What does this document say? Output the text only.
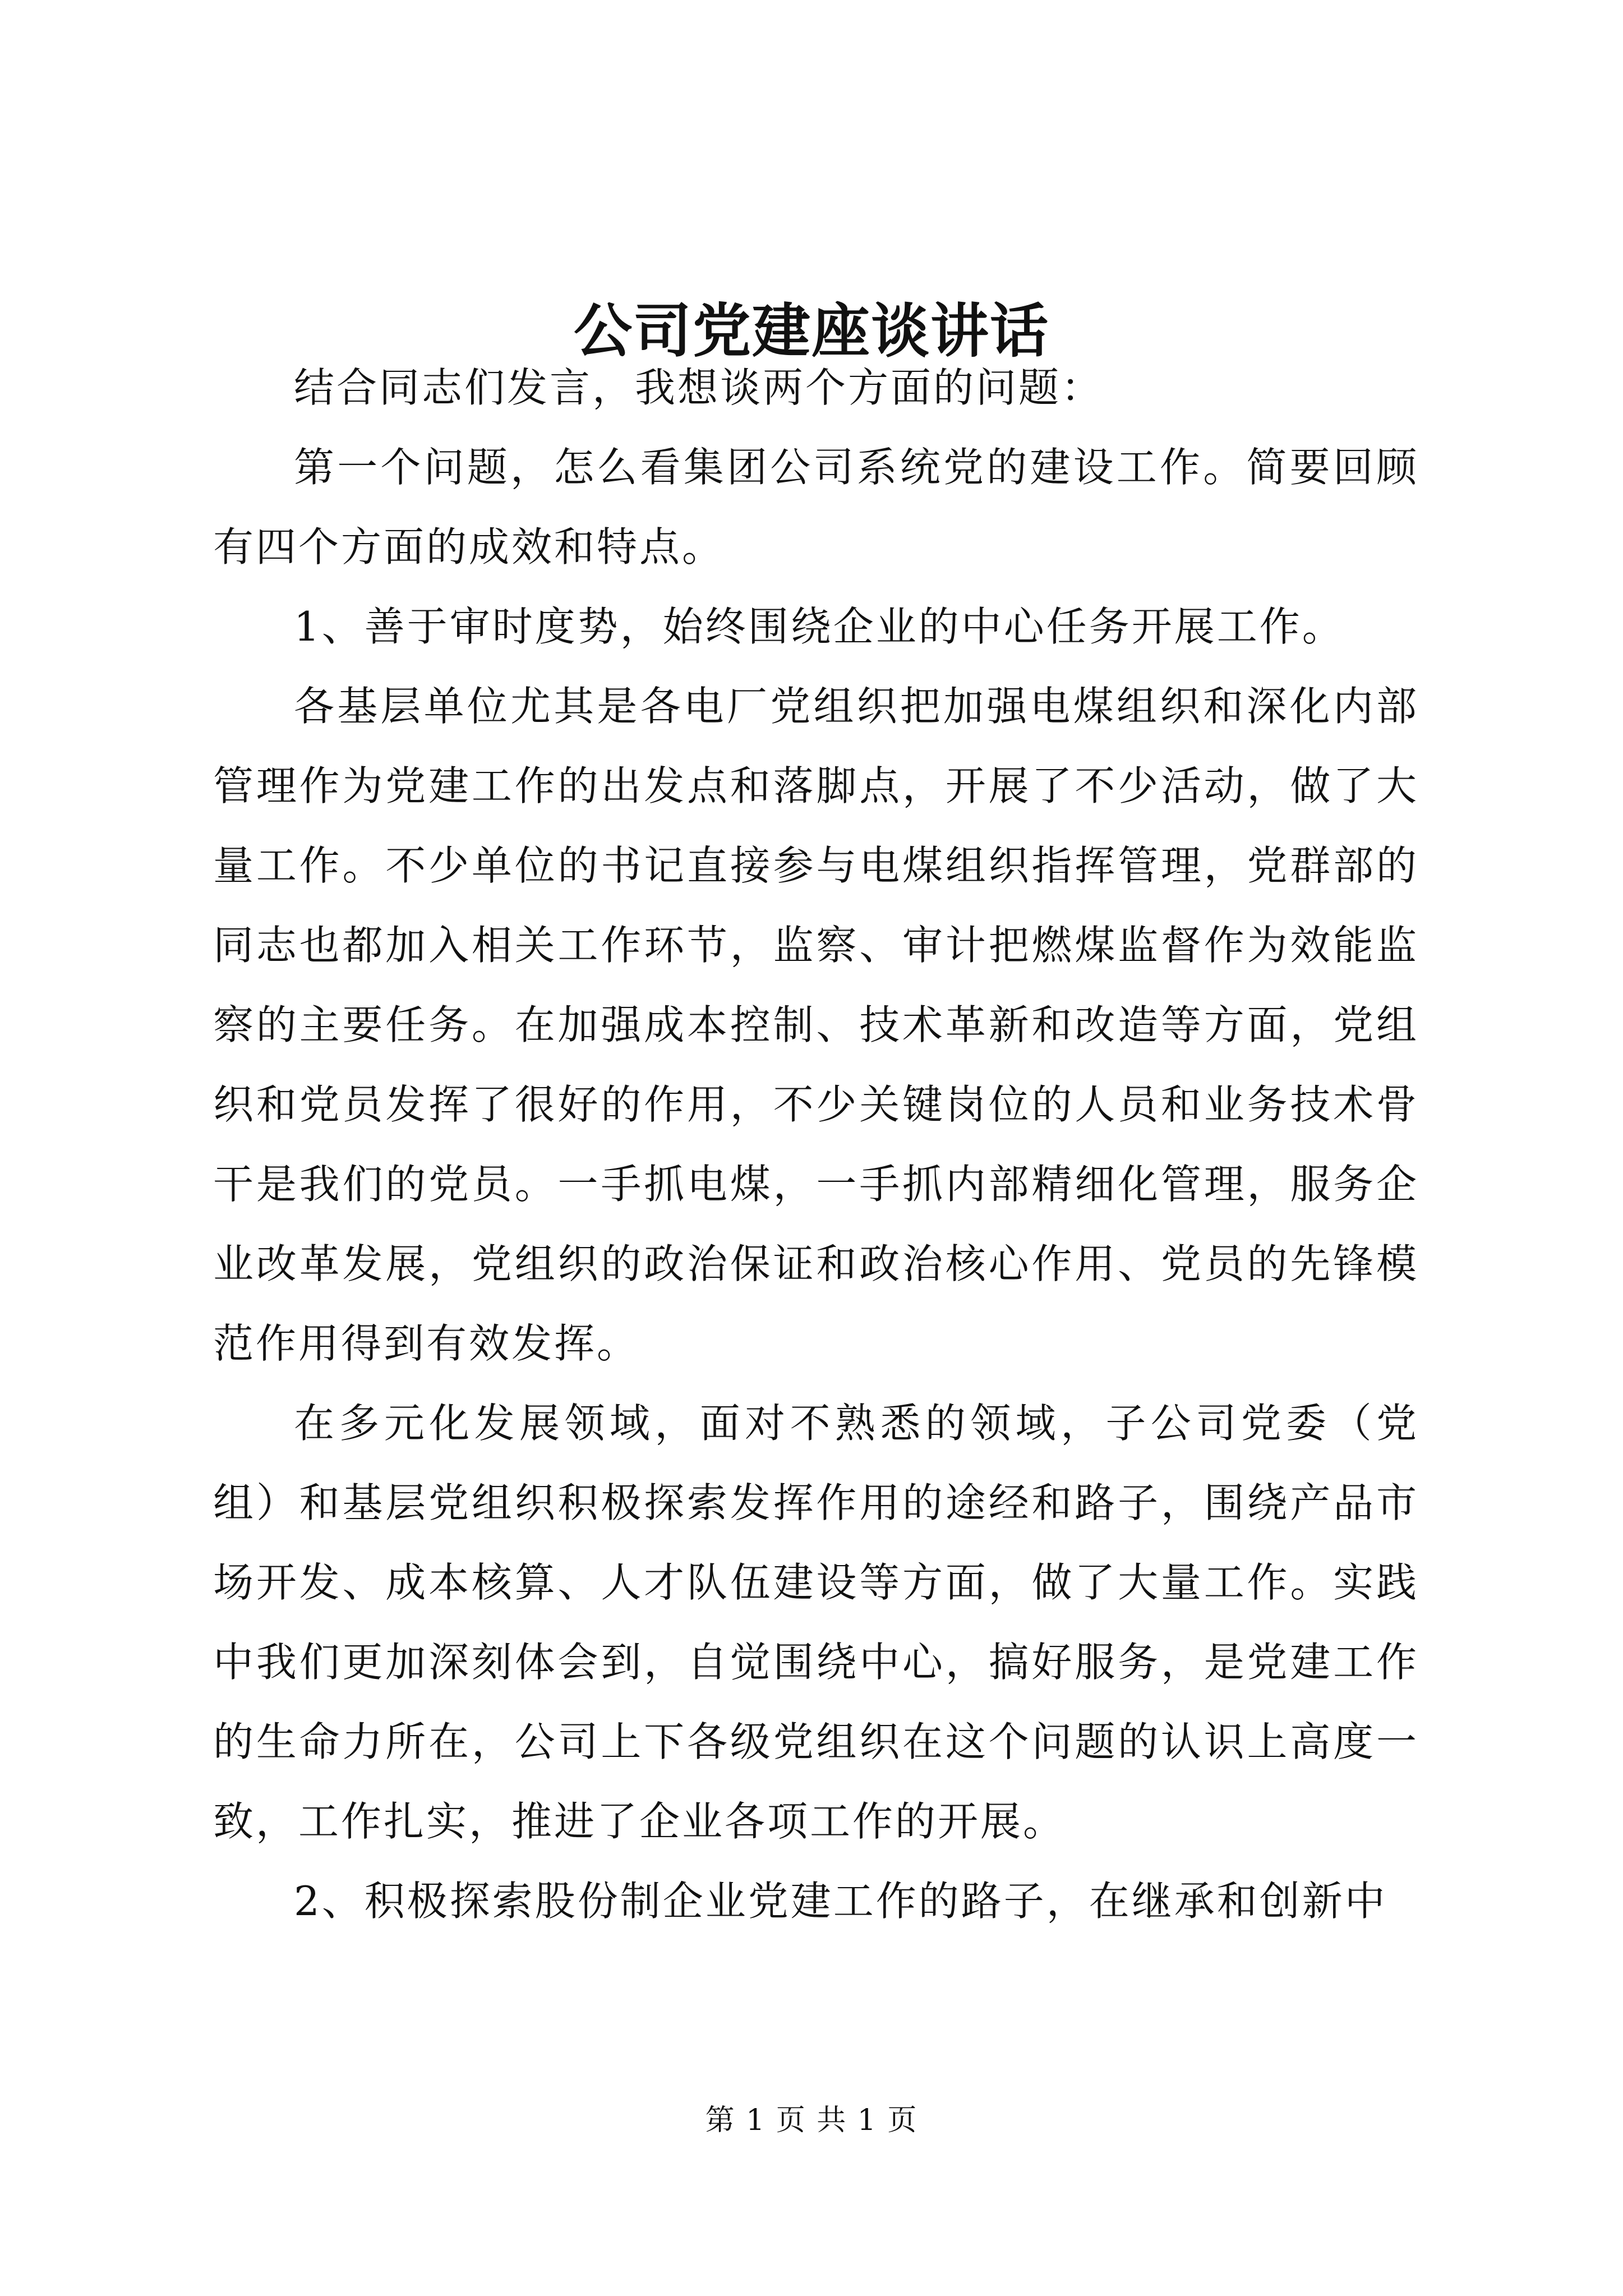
公司党建座谈讲话

结合同志们发言，我想谈两个方面的问题：

第一个问题，怎么看集团公司系统党的建设工作。简要回顾有四个方面的成效和特点。

1、善于审时度势，始终围绕企业的中心任务开展工作。

各基层单位尤其是各电厂党组织把加强电煤组织和深化内部管理作为党建工作的出发点和落脚点，开展了不少活动，做了大量工作。不少单位的书记直接参与电煤组织指挥管理，党群部的同志也都加入相关工作环节，监察、审计把燃煤监督作为效能监察的主要任务。在加强成本控制、技术革新和改造等方面，党组织和党员发挥了很好的作用，不少关键岗位的人员和业务技术骨干是我们的党员。一手抓电煤，一手抓内部精细化管理，服务企业改革发展，党组织的政治保证和政治核心作用、党员的先锋模范作用得到有效发挥。

在多元化发展领域，面对不熟悉的领域，子公司党委（党组）和基层党组织积极探索发挥作用的途经和路子，围绕产品市场开发、成本核算、人才队伍建设等方面，做了大量工作。实践中我们更加深刻体会到，自觉围绕中心，搞好服务，是党建工作的生命力所在，公司上下各级党组织在这个问题的认识上高度一致，工作扎实，推进了企业各项工作的开展。

2、积极探索股份制企业党建工作的路子，在继承和创新中

第 1 页 共 1 页
